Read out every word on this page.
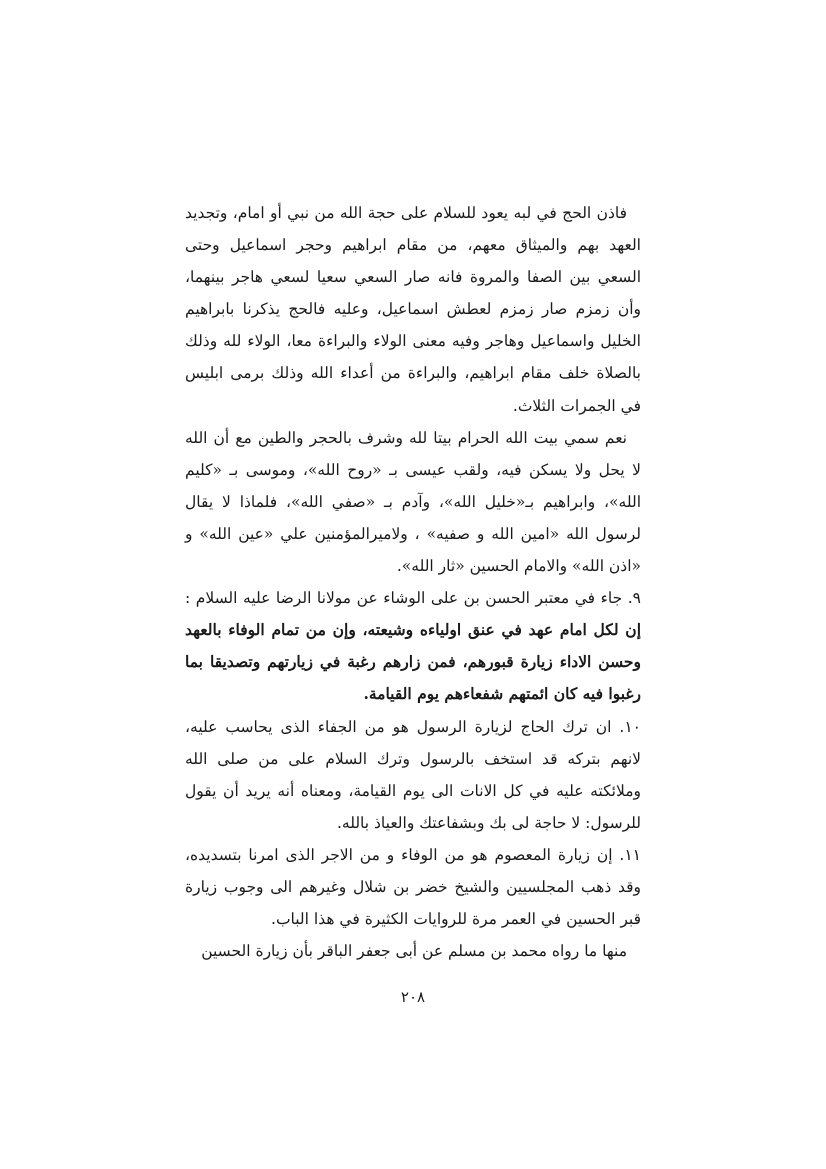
فاذن الحج في لبه يعود للسلام على حجة الله من نبي أو امام، وتجديد العهد بهم والميثاق معهم، من مقام ابراهيم وحجر اسماعيل وحتى السعي بين الصفا والمروة فانه صار السعي سعيا لسعي هاجر بينهما، وأن زمزم صار زمزم لعطش اسماعيل، وعليه فالحج يذكرنا بابراهيم الخليل واسماعيل وهاجر وفيه معنى الولاء والبراءة معا، الولاء لله وذلك بالصلاة خلف مقام ابراهيم، والبراءة من أعداء الله وذلك برمى ابليس في الجمرات الثلاث.

نعم سمي بيت الله الحرام بيتا لله وشرف بالحجر والطين مع أن الله لا يحل ولا يسكن فيه، ولقب عيسى بـ «روح الله»، وموسى بـ «كليم الله»، وابراهيم بـ«خليل الله»، وآدم بـ «صفي الله»، فلماذا لا يقال لرسول الله «امين الله و صفيه» ، ولاميرالمؤمنين علي «عين الله» و «اذن الله» والامام الحسين «ثار الله».

٩. جاء في معتبر الحسن بن على الوشاء عن مولانا الرضا عليه السلام : إن لكل امام عهد في عنق اولياءه وشيعته، وإن من تمام الوفاء بالعهد وحسن الاداء زيارة قبورهم، فمن زارهم رغبة في زيارتهم وتصديقا بما رغبوا فيه كان ائمتهم شفعاءهم يوم القيامة.

١٠. ان ترك الحاج لزيارة الرسول هو من الجفاء الذى يحاسب عليه، لانهم بتركه قد استخف بالرسول وترك السلام على من صلى الله وملائكته عليه في كل الانات الى يوم القيامة، ومعناه أنه يريد أن يقول للرسول: لا حاجة لى بك وبشفاعتك والعياذ بالله.

١١. إن زيارة المعصوم هو من الوفاء و من الاجر الذى امرنا بتسديده، وقد ذهب المجلسيين والشيخ خضر بن شلال وغيرهم الى وجوب زيارة قبر الحسين في العمر مرة للروايات الكثيرة في هذا الباب.

منها ما رواه محمد بن مسلم عن أبى جعفر الباقر بأن زيارة الحسين

٢٠٨
